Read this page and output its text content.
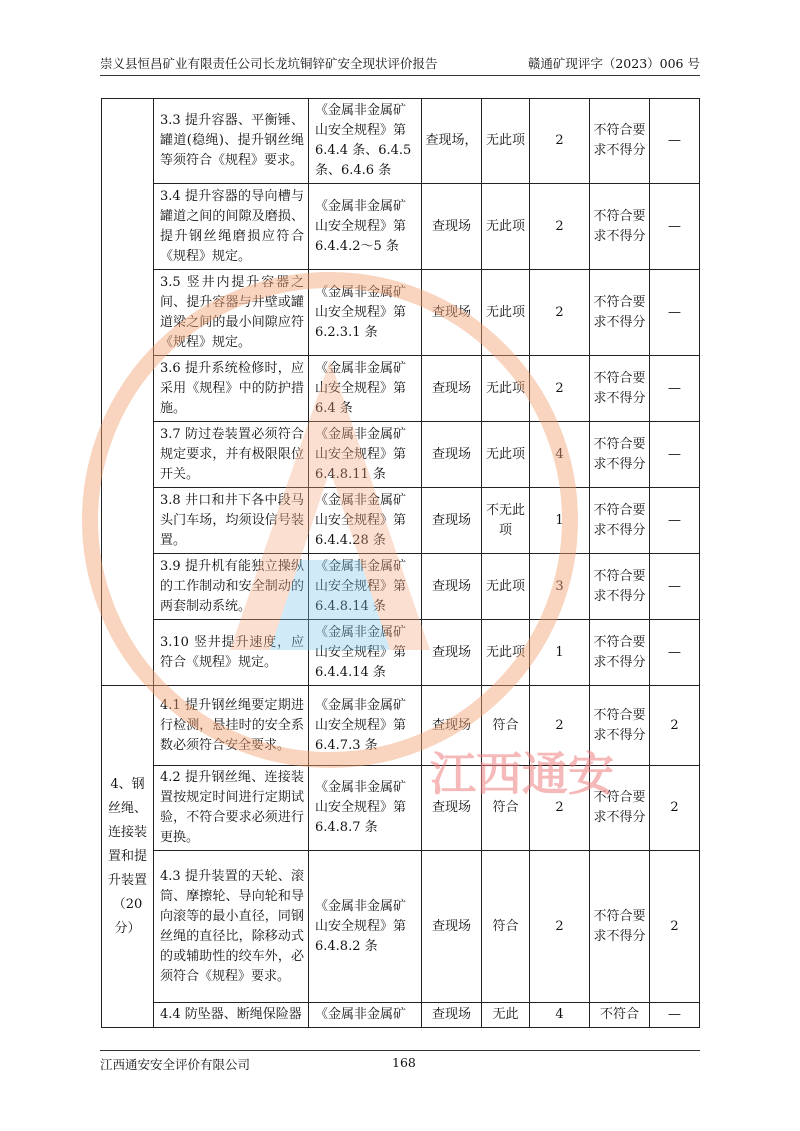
崇义县恒昌矿业有限责任公司长龙坑铜锌矿安全现状评价报告	赣通矿现评字（2023）006 号
	3.3 提升容器、平衡锤、罐道(稳绳)、提升钢丝绳等须符合《规程》要求。	《金属非金属矿山安全规程》第 6.4.4 条、6.4.5 条、6.4.6 条	查现场，	无此项	2	不符合要求不得分	—
	3.4 提升容器的导向槽与罐道之间的间隙及磨损、提升钢丝绳磨损应符合《规程》规定。	《金属非金属矿山安全规程》第 6.4.4.2～5 条	查现场	无此项	2	不符合要求不得分	—
	3.5 竖井内提升容器之间、提升容器与井壁或罐道梁之间的最小间隙应符《规程》规定。	《金属非金属矿山安全规程》第 6.2.3.1 条	查现场	无此项	2	不符合要求不得分	—
	3.6 提升系统检修时，应采用《规程》中的防护措施。	《金属非金属矿山安全规程》第 6.4 条	查现场	无此项	2	不符合要求不得分	—
	3.7 防过卷装置必须符合规定要求，并有极限限位开关。	《金属非金属矿山安全规程》第 6.4.8.11 条	查现场	无此项	4	不符合要求不得分	—
	3.8 井口和井下各中段马头门车场，均须设信号装置。	《金属非金属矿山安全规程》第 6.4.4.28 条	查现场	不无此项	1	不符合要求不得分	—
	3.9 提升机有能独立操纵的工作制动和安全制动的两套制动系统。	《金属非金属矿山安全规程》第 6.4.8.14 条	查现场	无此项	3	不符合要求不得分	—
	3.10 竖井提升速度，应符合《规程》规定。	《金属非金属矿山安全规程》第 6.4.4.14 条	查现场	无此项	1	不符合要求不得分	—
4、钢丝绳、连接装置和提升装置（20分）	4.1 提升钢丝绳要定期进行检测，悬挂时的安全系数必须符合安全要求。	《金属非金属矿山安全规程》第 6.4.7.3 条	查现场	符合	2	不符合要求不得分	2
	4.2 提升钢丝绳、连接装置按规定时间进行定期试验，不符合要求必须进行更换。	《金属非金属矿山安全规程》第 6.4.8.7 条	查现场	符合	2	不符合要求不得分	2
	4.3 提升装置的天轮、滚筒、摩擦轮、导向轮和导向滚等的最小直径，同钢丝绳的直径比，除移动式的或辅助性的绞车外，必须符合《规程》要求。	《金属非金属矿山安全规程》第 6.4.8.2 条	查现场	符合	2	不符合要求不得分	2
	4.4 防坠器、断绳保险器	《金属非金属矿	查现场	无此	4	不符合	—
江西通安
江西通安安全评价有限公司	168
